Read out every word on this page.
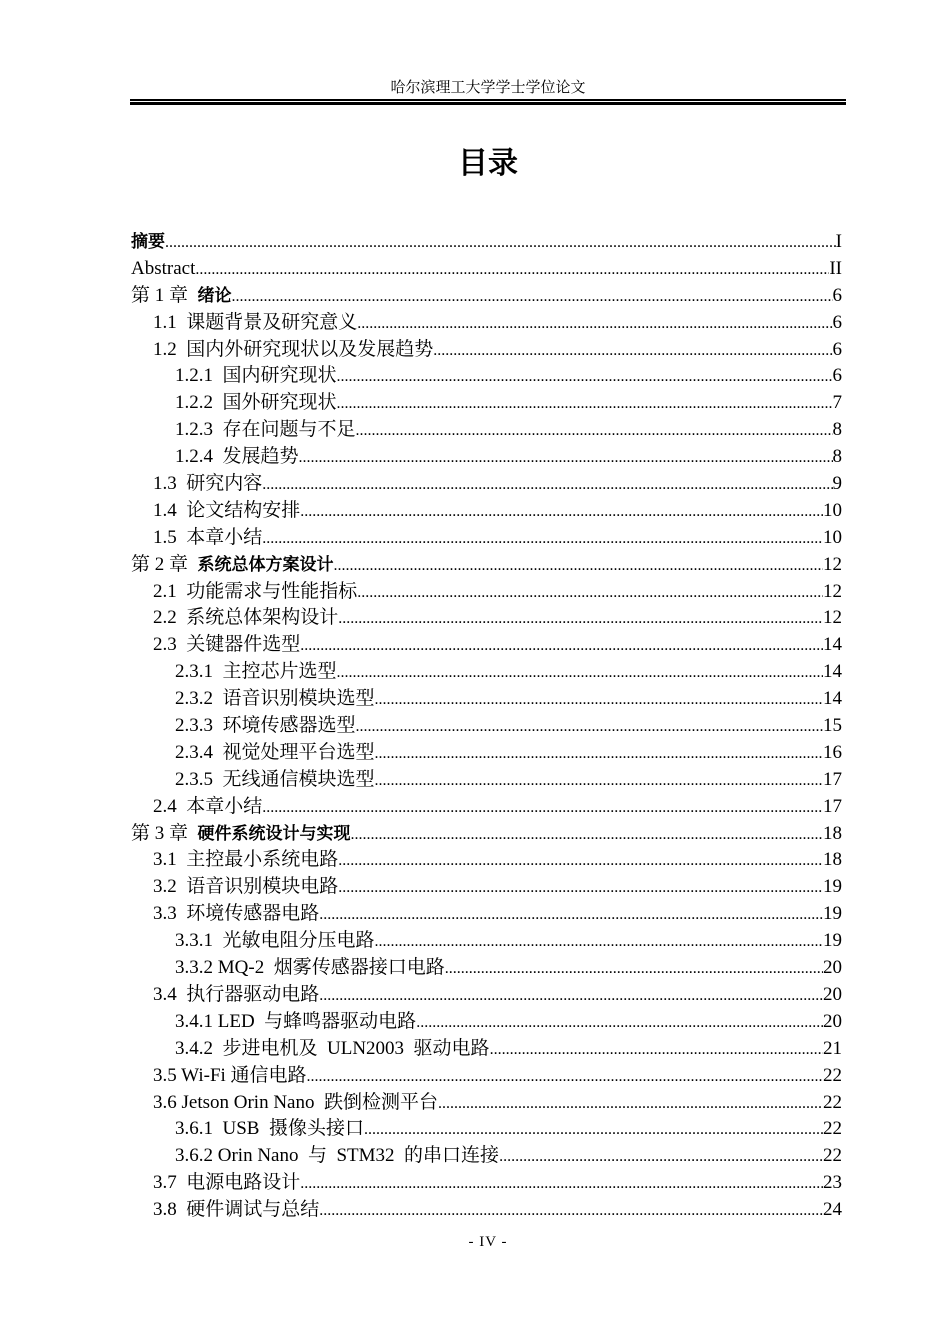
哈尔滨理工大学学士学位论文
目录
摘要 .....	I
Abstract .....	II
第 1 章  绪论 .....	6
1.1  课题背景及研究意义 .....	6
1.2  国内外研究现状以及发展趋势 .....	6
1.2.1  国内研究现状 .....	6
1.2.2  国外研究现状 .....	7
1.2.3  存在问题与不足 .....	8
1.2.4  发展趋势 .....	8
1.3  研究内容 .....	9
1.4  论文结构安排 .....	10
1.5  本章小结 .....	10
第 2 章  系统总体方案设计 .....	12
2.1  功能需求与性能指标 .....	12
2.2  系统总体架构设计 .....	12
2.3  关键器件选型 .....	14
2.3.1  主控芯片选型 .....	14
2.3.2  语音识别模块选型 .....	14
2.3.3  环境传感器选型 .....	15
2.3.4  视觉处理平台选型 .....	16
2.3.5  无线通信模块选型 .....	17
2.4  本章小结 .....	17
第 3 章  硬件系统设计与实现 .....	18
3.1  主控最小系统电路 .....	18
3.2  语音识别模块电路 .....	19
3.3  环境传感器电路 .....	19
3.3.1  光敏电阻分压电路 .....	19
3.3.2 MQ-2  烟雾传感器接口电路 .....	20
3.4  执行器驱动电路 .....	20
3.4.1 LED  与蜂鸣器驱动电路 .....	20
3.4.2  步进电机及  ULN2003  驱动电路 .....	21
3.5 Wi-Fi 通信电路 .....	22
3.6 Jetson Orin Nano  跌倒检测平台 .....	22
3.6.1  USB  摄像头接口 .....	22
3.6.2 Orin Nano  与  STM32  的串口连接 .....	22
3.7  电源电路设计 .....	23
3.8  硬件调试与总结 .....	24
- IV -
